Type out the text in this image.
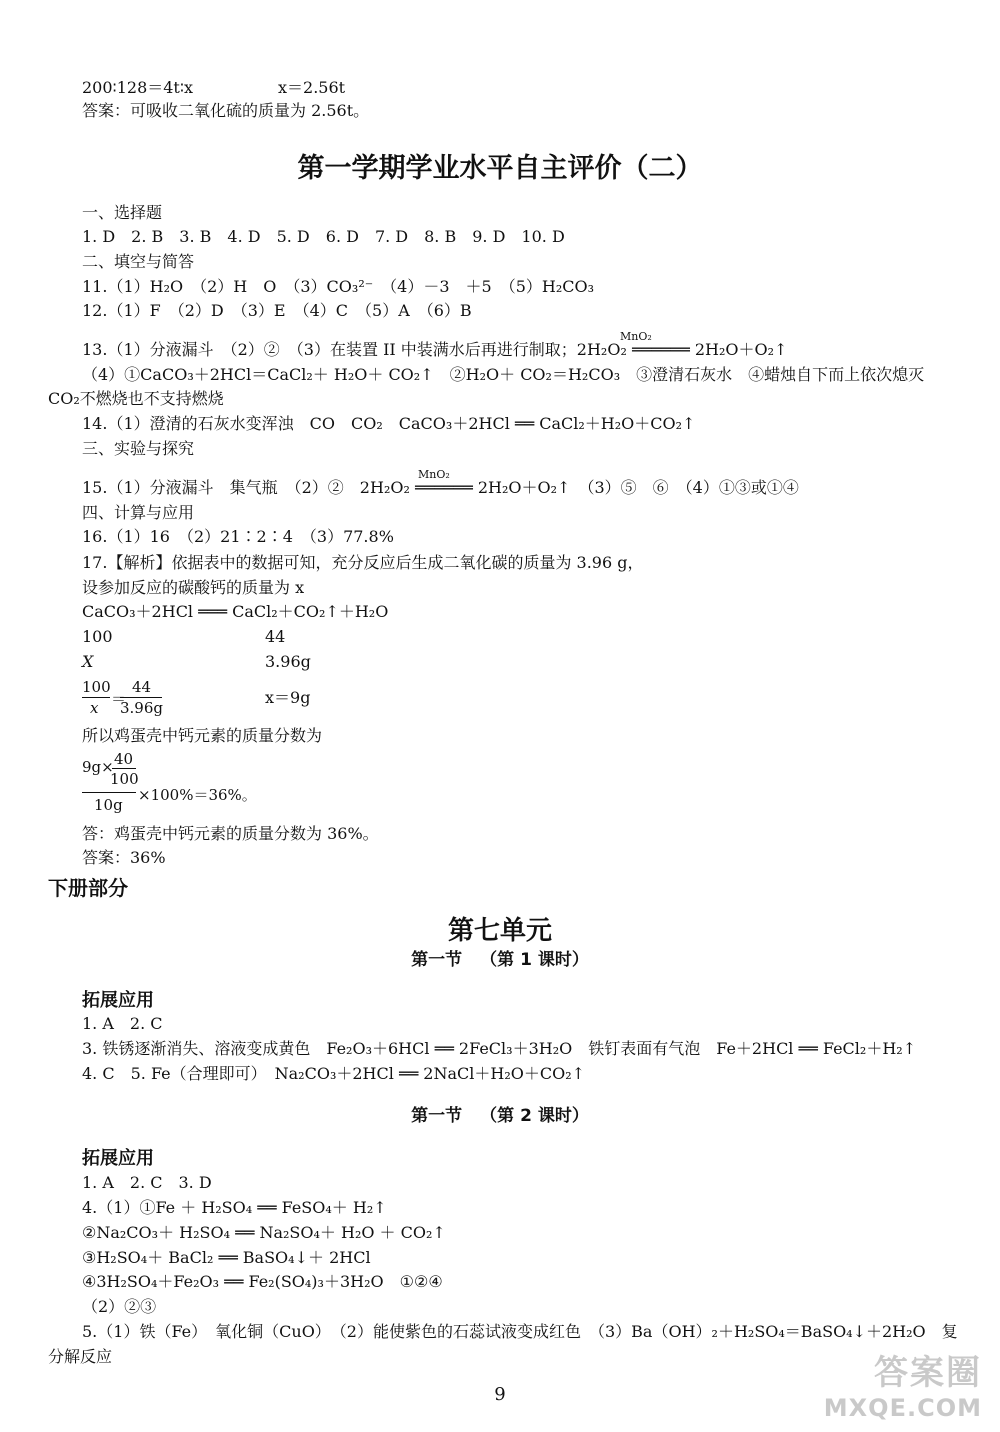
200∶128＝4t∶x	x＝2.56t
答案：可吸收二氧化硫的质量为 2.56t。
第一学期学业水平自主评价（二）
一、选择题
1. D　2. B　3. B　4. D　5. D　6. D　7. D　8. B　9. D　10. D
二、填空与简答
11.（1）H₂O　（2）H　O　（3）CO₃²⁻　（4）－3　＋5　（5）H₂CO₃
12.（1）F　（2）D　（3）E　（4）C　（5）A　（6）B
MnO₂
13.（1）分液漏斗　（2）②　（3）在装置 II 中装满水后再进行制取；2H₂O₂ ══════ 2H₂O＋O₂↑
（4）①CaCO₃＋2HCl＝CaCl₂＋ H₂O＋ CO₂↑　②H₂O＋ CO₂＝H₂CO₃　③澄清石灰水　④蜡烛自下而上依次熄灭
CO₂不燃烧也不支持燃烧
14.（1）澄清的石灰水变浑浊　CO　CO₂　CaCO₃＋2HCl ══ CaCl₂＋H₂O＋CO₂↑
三、实验与探究
MnO₂
15.（1）分液漏斗　集气瓶　（2）②　2H₂O₂ ══════ 2H₂O＋O₂↑　（3）⑤　⑥　（4）①③或①④
四、计算与应用
16.（1）16　（2）21∶2∶4　（3）77.8%
17.【解析】依据表中的数据可知，充分反应后生成二氧化碳的质量为 3.96 g，
设参加反应的碳酸钙的质量为 x
CaCO₃＋2HCl ═══ CaCl₂＋CO₂↑＋H₂O
100	44
X	3.96g
100
x ＝
44
3.96g
x＝9g
所以鸡蛋壳中钙元素的质量分数为
9g× 40
100
10g
×100%＝36%。
答：鸡蛋壳中钙元素的质量分数为 36%。
答案：36%
下册部分
第七单元
第一节 （第 1 课时）
拓展应用
1. A　2. C
3. 铁锈逐渐消失、溶液变成黄色　Fe₂O₃＋6HCl ══ 2FeCl₃＋3H₂O　铁钉表面有气泡　Fe＋2HCl ══ FeCl₂＋H₂↑
4. C　5. Fe（合理即可）　Na₂CO₃＋2HCl ══ 2NaCl＋H₂O＋CO₂↑
第一节 （第 2 课时）
拓展应用
1. A　2. C　3. D
4.（1）①Fe ＋ H₂SO₄ ══ FeSO₄＋ H₂↑
②Na₂CO₃＋ H₂SO₄ ══ Na₂SO₄＋ H₂O ＋ CO₂↑
③H₂SO₄＋ BaCl₂ ══ BaSO₄↓＋ 2HCl
④3H₂SO₄＋Fe₂O₃ ══ Fe₂(SO₄)₃＋3H₂O　①②④
（2）②③
5.（1）铁（Fe）　氧化铜（CuO）　（2）能使紫色的石蕊试液变成红色　（3）Ba（OH）₂＋H₂SO₄＝BaSO₄↓＋2H₂O　复
分解反应
9
答案圈
MXQE.COM
